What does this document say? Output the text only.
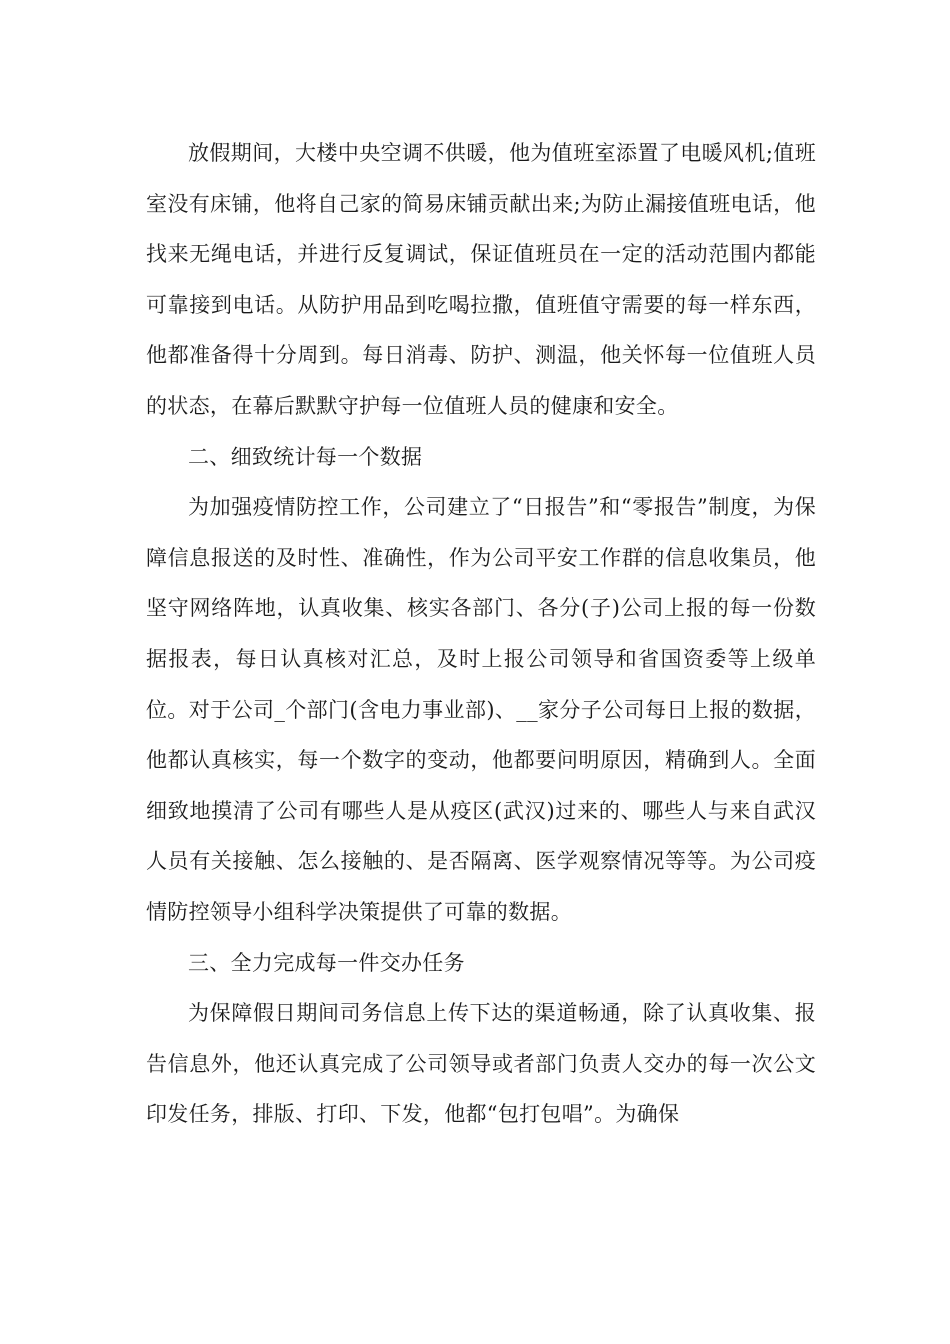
放假期间，大楼中央空调不供暖，他为值班室添置了电暖风机;值班室没有床铺，他将自己家的简易床铺贡献出来;为防止漏接值班电话，他找来无绳电话，并进行反复调试，保证值班员在一定的活动范围内都能可靠接到电话。从防护用品到吃喝拉撒，值班值守需要的每一样东西，他都准备得十分周到。每日消毒、防护、测温，他关怀每一位值班人员的状态，在幕后默默守护每一位值班人员的健康和安全。

二、细致统计每一个数据

为加强疫情防控工作，公司建立了“日报告”和“零报告”制度，为保障信息报送的及时性、准确性，作为公司平安工作群的信息收集员，他坚守网络阵地，认真收集、核实各部门、各分(子)公司上报的每一份数据报表，每日认真核对汇总，及时上报公司领导和省国资委等上级单位。对于公司_个部门(含电力事业部)、__家分子公司每日上报的数据，他都认真核实，每一个数字的变动，他都要问明原因，精确到人。全面细致地摸清了公司有哪些人是从疫区(武汉)过来的、哪些人与来自武汉人员有关接触、怎么接触的、是否隔离、医学观察情况等等。为公司疫情防控领导小组科学决策提供了可靠的数据。

三、全力完成每一件交办任务

为保障假日期间司务信息上传下达的渠道畅通，除了认真收集、报告信息外，他还认真完成了公司领导或者部门负责人交办的每一次公文印发任务，排版、打印、下发，他都“包打包唱”。为确保
